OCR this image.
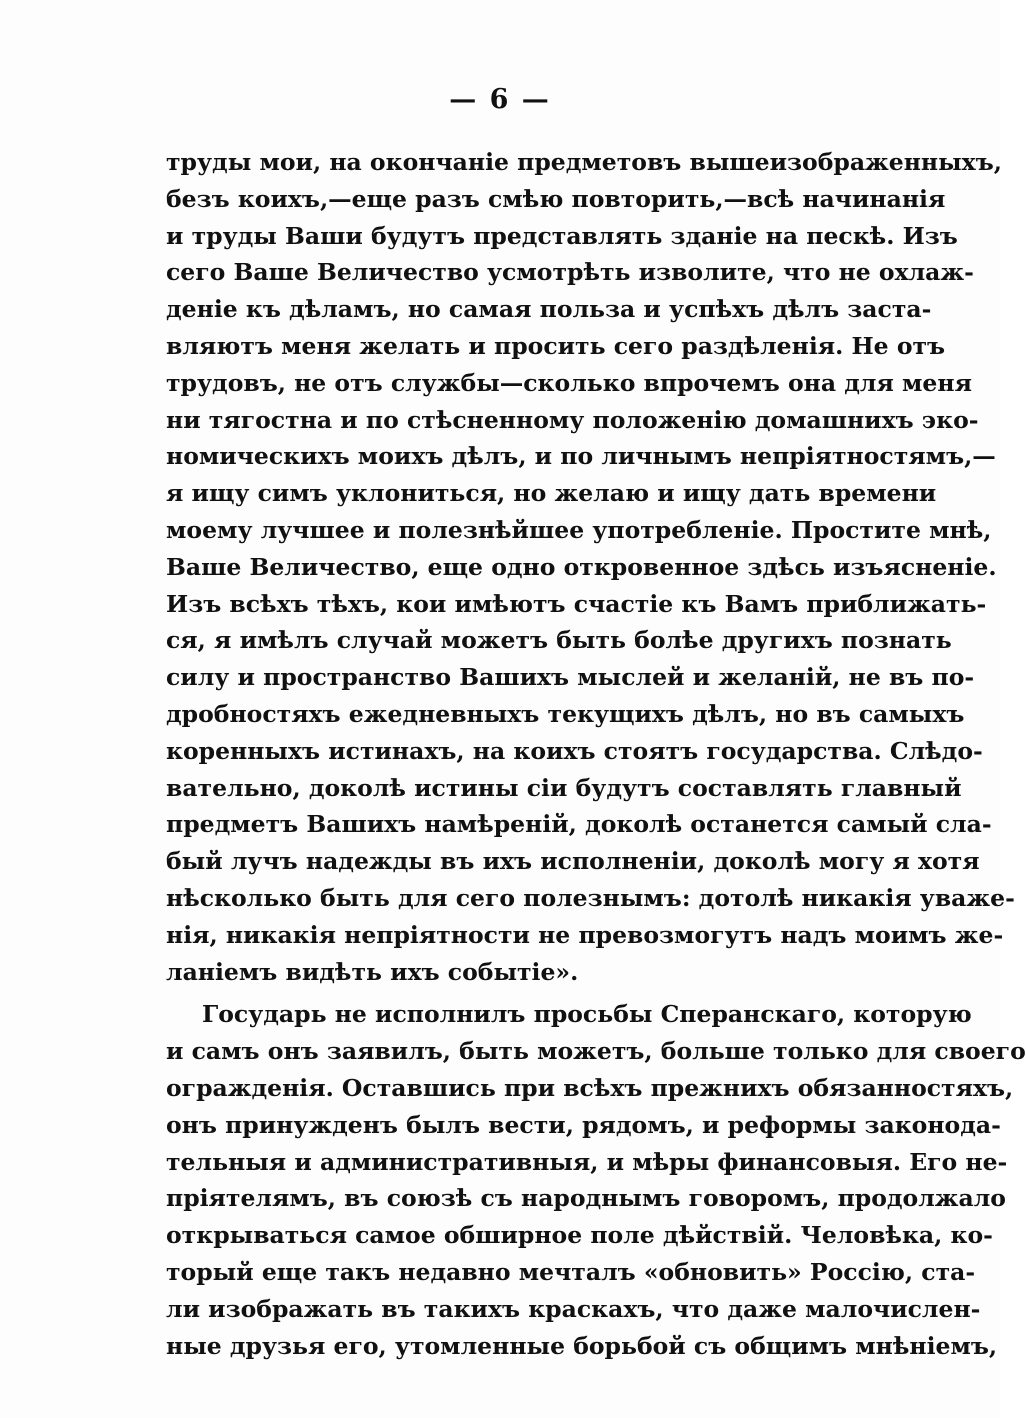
— 6 —
труды мои, на окончаніе предметовъ вышеизображенныхъ,
безъ коихъ,—еще разъ смѣю повторить,—всѣ начинанія
и труды Ваши будутъ представлять зданіе на пескѣ. Изъ
сего Ваше Величество усмотрѣть изволите, что не охлаж-
деніе къ дѣламъ, но самая польза и успѣхъ дѣлъ заста-
вляютъ меня желать и просить сего раздѣленія. Не отъ
трудовъ, не отъ службы—сколько впрочемъ она для меня
ни тягостна и по стѣсненному положенію домашнихъ эко-
номическихъ моихъ дѣлъ, и по личнымъ непріятностямъ,—
я ищу симъ уклониться, но желаю и ищу дать времени
моему лучшее и полезнѣйшее употребленіе. Простите мнѣ,
Ваше Величество, еще одно откровенное здѣсь изъясненіе.
Изъ всѣхъ тѣхъ, кои имѣютъ счастіе къ Вамъ приближать-
ся, я имѣлъ случай можетъ быть болѣе другихъ познать
силу и пространство Вашихъ мыслей и желаній, не въ по-
дробностяхъ ежедневныхъ текущихъ дѣлъ, но въ самыхъ
коренныхъ истинахъ, на коихъ стоятъ государства. Слѣдо-
вательно, доколѣ истины сіи будутъ составлять главный
предметъ Вашихъ намѣреній, доколѣ останется самый сла-
бый лучъ надежды въ ихъ исполненіи, доколѣ могу я хотя
нѣсколько быть для сего полезнымъ: дотолѣ никакія уваже-
нія, никакія непріятности не превозмогутъ надъ моимъ же-
ланіемъ видѣть ихъ событіе».
Государь не исполнилъ просьбы Сперанскаго, которую
и самъ онъ заявилъ, быть можетъ, больше только для своего
огражденія. Оставшись при всѣхъ прежнихъ обязанностяхъ,
онъ принужденъ былъ вести, рядомъ, и реформы законода-
тельныя и административныя, и мѣры финансовыя. Его не-
пріятелямъ, въ союзѣ съ народнымъ говоромъ, продолжало
открываться самое обширное поле дѣйствій. Человѣка, ко-
торый еще такъ недавно мечталъ «обновить» Россію, ста-
ли изображать въ такихъ краскахъ, что даже малочислен-
ные друзья его, утомленные борьбой съ общимъ мнѣніемъ,
